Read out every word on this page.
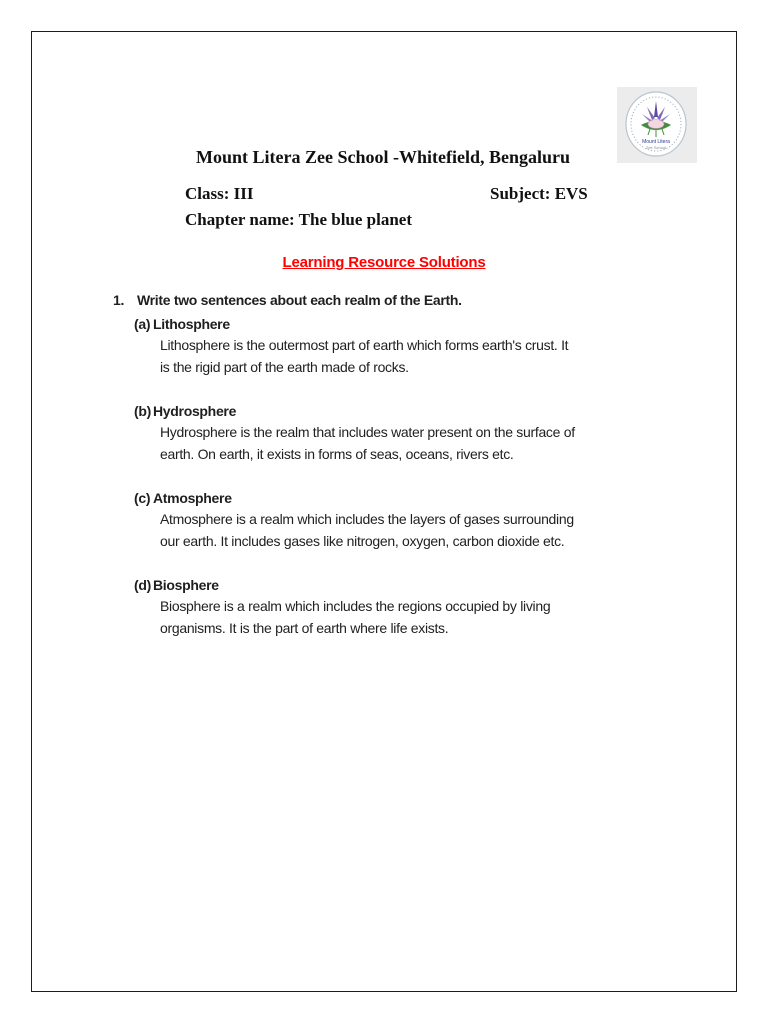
Mount Litera
Zee School
Mount Litera Zee School -Whitefield, Bengaluru
Class: III	Subject: EVS
Chapter name: The blue planet
Learning Resource Solutions
1. Write two sentences about each realm of the Earth.
(a) Lithosphere
Lithosphere is the outermost part of earth which forms earth's crust. It
is the rigid part of the earth made of rocks.
(b) Hydrosphere
Hydrosphere is the realm that includes water present on the surface of
earth. On earth, it exists in forms of seas, oceans, rivers etc.
(c) Atmosphere
Atmosphere is a realm which includes the layers of gases surrounding
our earth. It includes gases like nitrogen, oxygen, carbon dioxide etc.
(d) Biosphere
Biosphere is a realm which includes the regions occupied by living
organisms. It is the part of earth where life exists.
